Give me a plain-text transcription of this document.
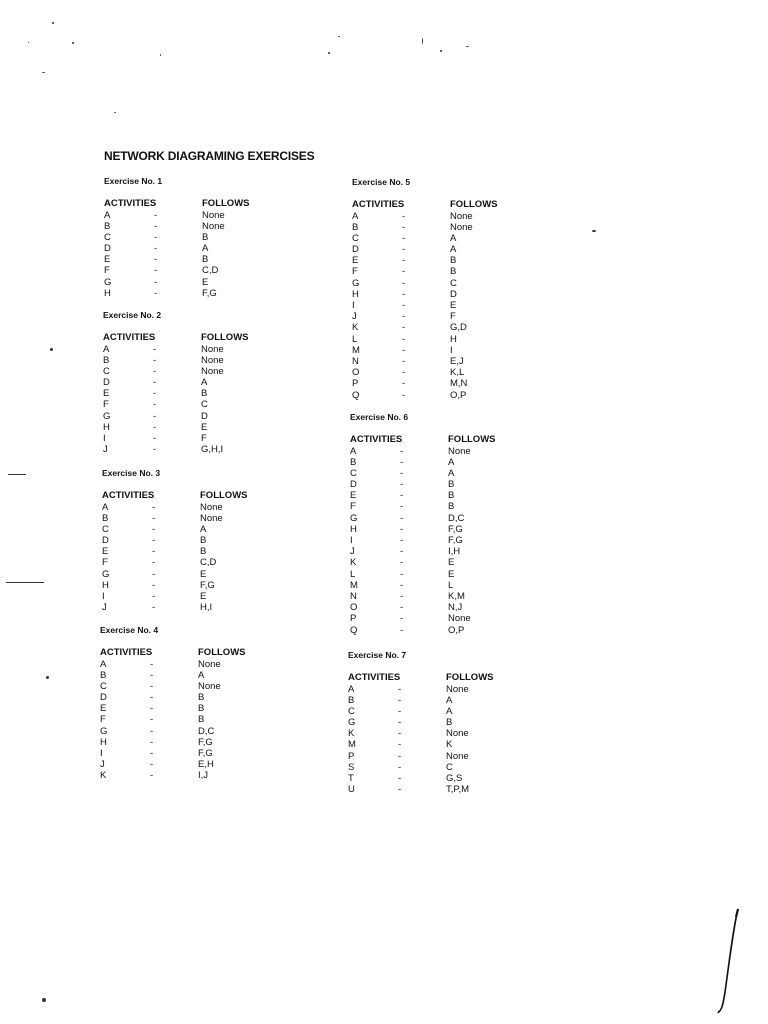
NETWORK DIAGRAMING EXERCISES
Exercise No. 1
ACTIVITIES	FOLLOWS
A	-	None
B	-	None
C	-	B
D	-	A
E	-	B
F	-	C,D
G	-	E
H	-	F,G
Exercise No. 2
ACTIVITIES	FOLLOWS
A	-	None
B	-	None
C	-	None
D	-	A
E	-	B
F	-	C
G	-	D
H	-	E
I	-	F
J	-	G,H,I
Exercise No. 3
ACTIVITIES	FOLLOWS
A	-	None
B	-	None
C	-	A
D	-	B
E	-	B
F	-	C,D
G	-	E
H	-	F,G
I	-	E
J	-	H,I
Exercise No. 4
ACTIVITIES	FOLLOWS
A	-	None
B	-	A
C	-	None
D	-	B
E	-	B
F	-	B
G	-	D,C
H	-	F,G
I	-	F,G
J	-	E,H
K	-	I,J
Exercise No. 5
ACTIVITIES	FOLLOWS
A	-	None
B	-	None
C	-	A
D	-	A
E	-	B
F	-	B
G	-	C
H	-	D
I	-	E
J	-	F
K	-	G,D
L	-	H
M	-	I
N	-	E,J
O	-	K,L
P	-	M,N
Q	-	O,P
Exercise No. 6
ACTIVITIES	FOLLOWS
A	-	None
B	-	A
C	-	A
D	-	B
E	-	B
F	-	B
G	-	D,C
H	-	F,G
I	-	F,G
J	-	I,H
K	-	E
L	-	E
M	-	L
N	-	K,M
O	-	N,J
P	-	None
Q	-	O,P
Exercise No. 7
ACTIVITIES	FOLLOWS
A	-	None
B	-	A
C	-	A
G	-	B
K	-	None
M	-	K
P	-	None
S	-	C
T	-	G,S
U	-	T,P,M
